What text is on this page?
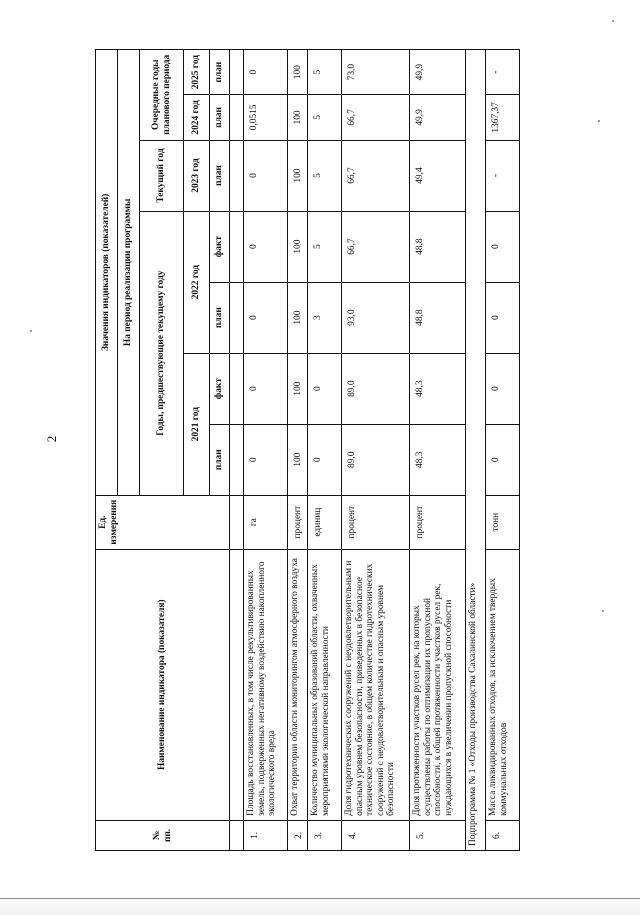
2
№ пп.	Наименование индикатора (показателя)	Ед. измерения	Значения индикаторов (показателей)						
			На период реализации программы						
			Годы, предшествующие текущему году				Текущий год	Очередные годы планового периода	
			2021 год		2022 год		2023 год	2024 год	2025 год
			план	факт	план	факт	план	план	план

1.	Площадь восстановленных, в том числе рекультивированных земель, подверженных негативному воздействию накопленного экологического вреда	га	0	0	0	0	0	0,0515	0
2.	Охват территории области мониторингом атмосферного воздуха	процент	100	100	100	100	100	100	100
3.	Количество муниципальных образований области, охваченных мероприятиями экологической направленности	единиц	0	0	3	5	5	5	5
4.	Доля гидротехнических сооружений с неудовлетворительным и опасным уровнем безопасности, приведенных в безопасное техническое состояние, в общем количестве гидротехнических сооружений с неудовлетворительным и опасным уровнем безопасности	процент	89,0	89,0	93,0	66,7	66,7	66,7	73,0
5.	Доля протяженности участков русел рек, на которых осуществлены работы по оптимизации их пропускной способности, к общей протяженности участков русел рек, нуждающихся в увеличении пропускной способности	процент	48,3	48,3	48,8	48,8	49,4	49,9	49,9
Подпрограмма № 1 «Отходы производства Сахалинской области»									
6.	Масса ликвидированных отходов, за исключением твердых коммунальных отходов	тонн	0	0	0	0	-	1367,37	-
